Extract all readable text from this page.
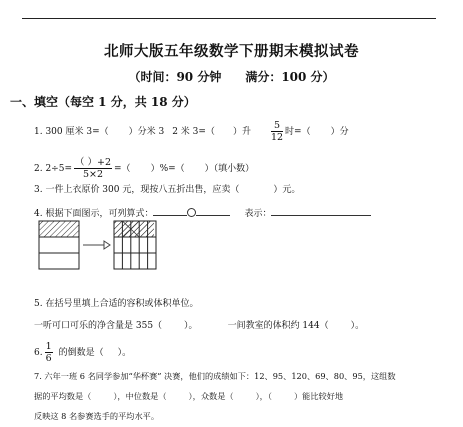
北师大版五年级数学下册期末模拟试卷
（时间：90 分钟 满分：100 分）
一、填空（每空 1 分，共 18 分）
1. 300 厘米 3=（ ）分米 3 2 米 3=（ ）升 $\frac{5}{12}$ 时=（ ）分
2. $2\div 5= \frac{( )+2}{5\times 2}$ =（ ）%=（ ）（填小数）
3. 一件上衣原价 300 元，现按八五折出售，应卖（	）元。
4. 根据下面图示，可列算式：	表示：
5. 在括号里填上合适的容积或体积单位。
一听可口可乐的净含量是 355（ ）。	一间教室的体积约 144（ ）。
6. $\frac{1}{6}$ 的倒数是（ ）。
7. 六年一班 6 名同学参加“华杯赛” 决赛，他们的成绩如下：12、95、120、69、80、95，这组数
据的平均数是（	），中位数是（	），众数是（	），（	）能比较好地
反映这 8 名参赛选手的平均水平。
